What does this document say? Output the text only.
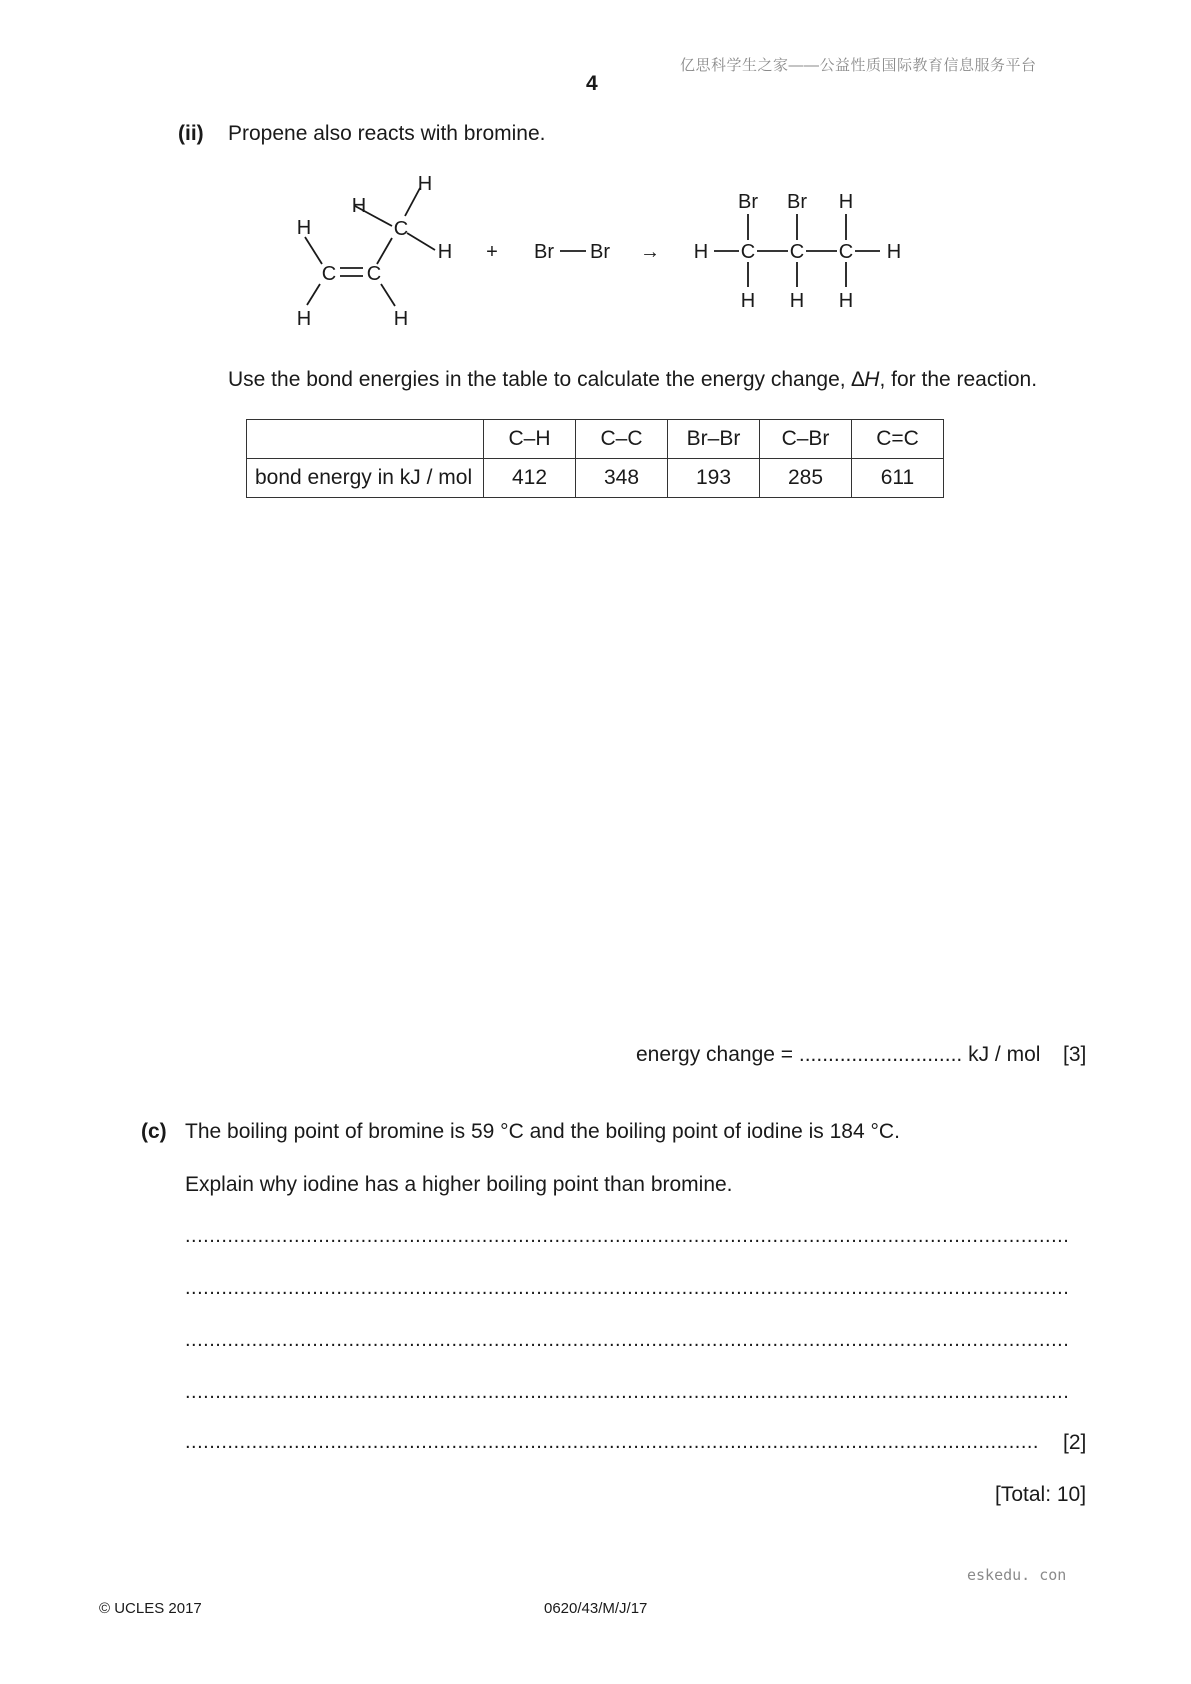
亿思科学生之家——公益性质国际教育信息服务平台
4
(ii) Propene also reacts with bromine.
H
H
C
H
H
C C
H	H
+ Br Br →
Br Br H
H C C C H
H H H
Use the bond energies in the table to calculate the energy change, ∆H, for the reaction.
	C–H	C–C	Br–Br	C–Br	C=C
bond energy in kJ / mol	412	348	193	285	611
energy change = ............................ kJ / mol [3]
(c) The boiling point of bromine is 59 °C and the boiling point of iodine is 184 °C.
Explain why iodine has a higher boiling point than bromine.
..................................................................................................................................................
..................................................................................................................................................
..................................................................................................................................................
..................................................................................................................................................
.............................................................................................................................................	[2]
[Total: 10]
eskedu. con
© UCLES 2017	0620/43/M/J/17
